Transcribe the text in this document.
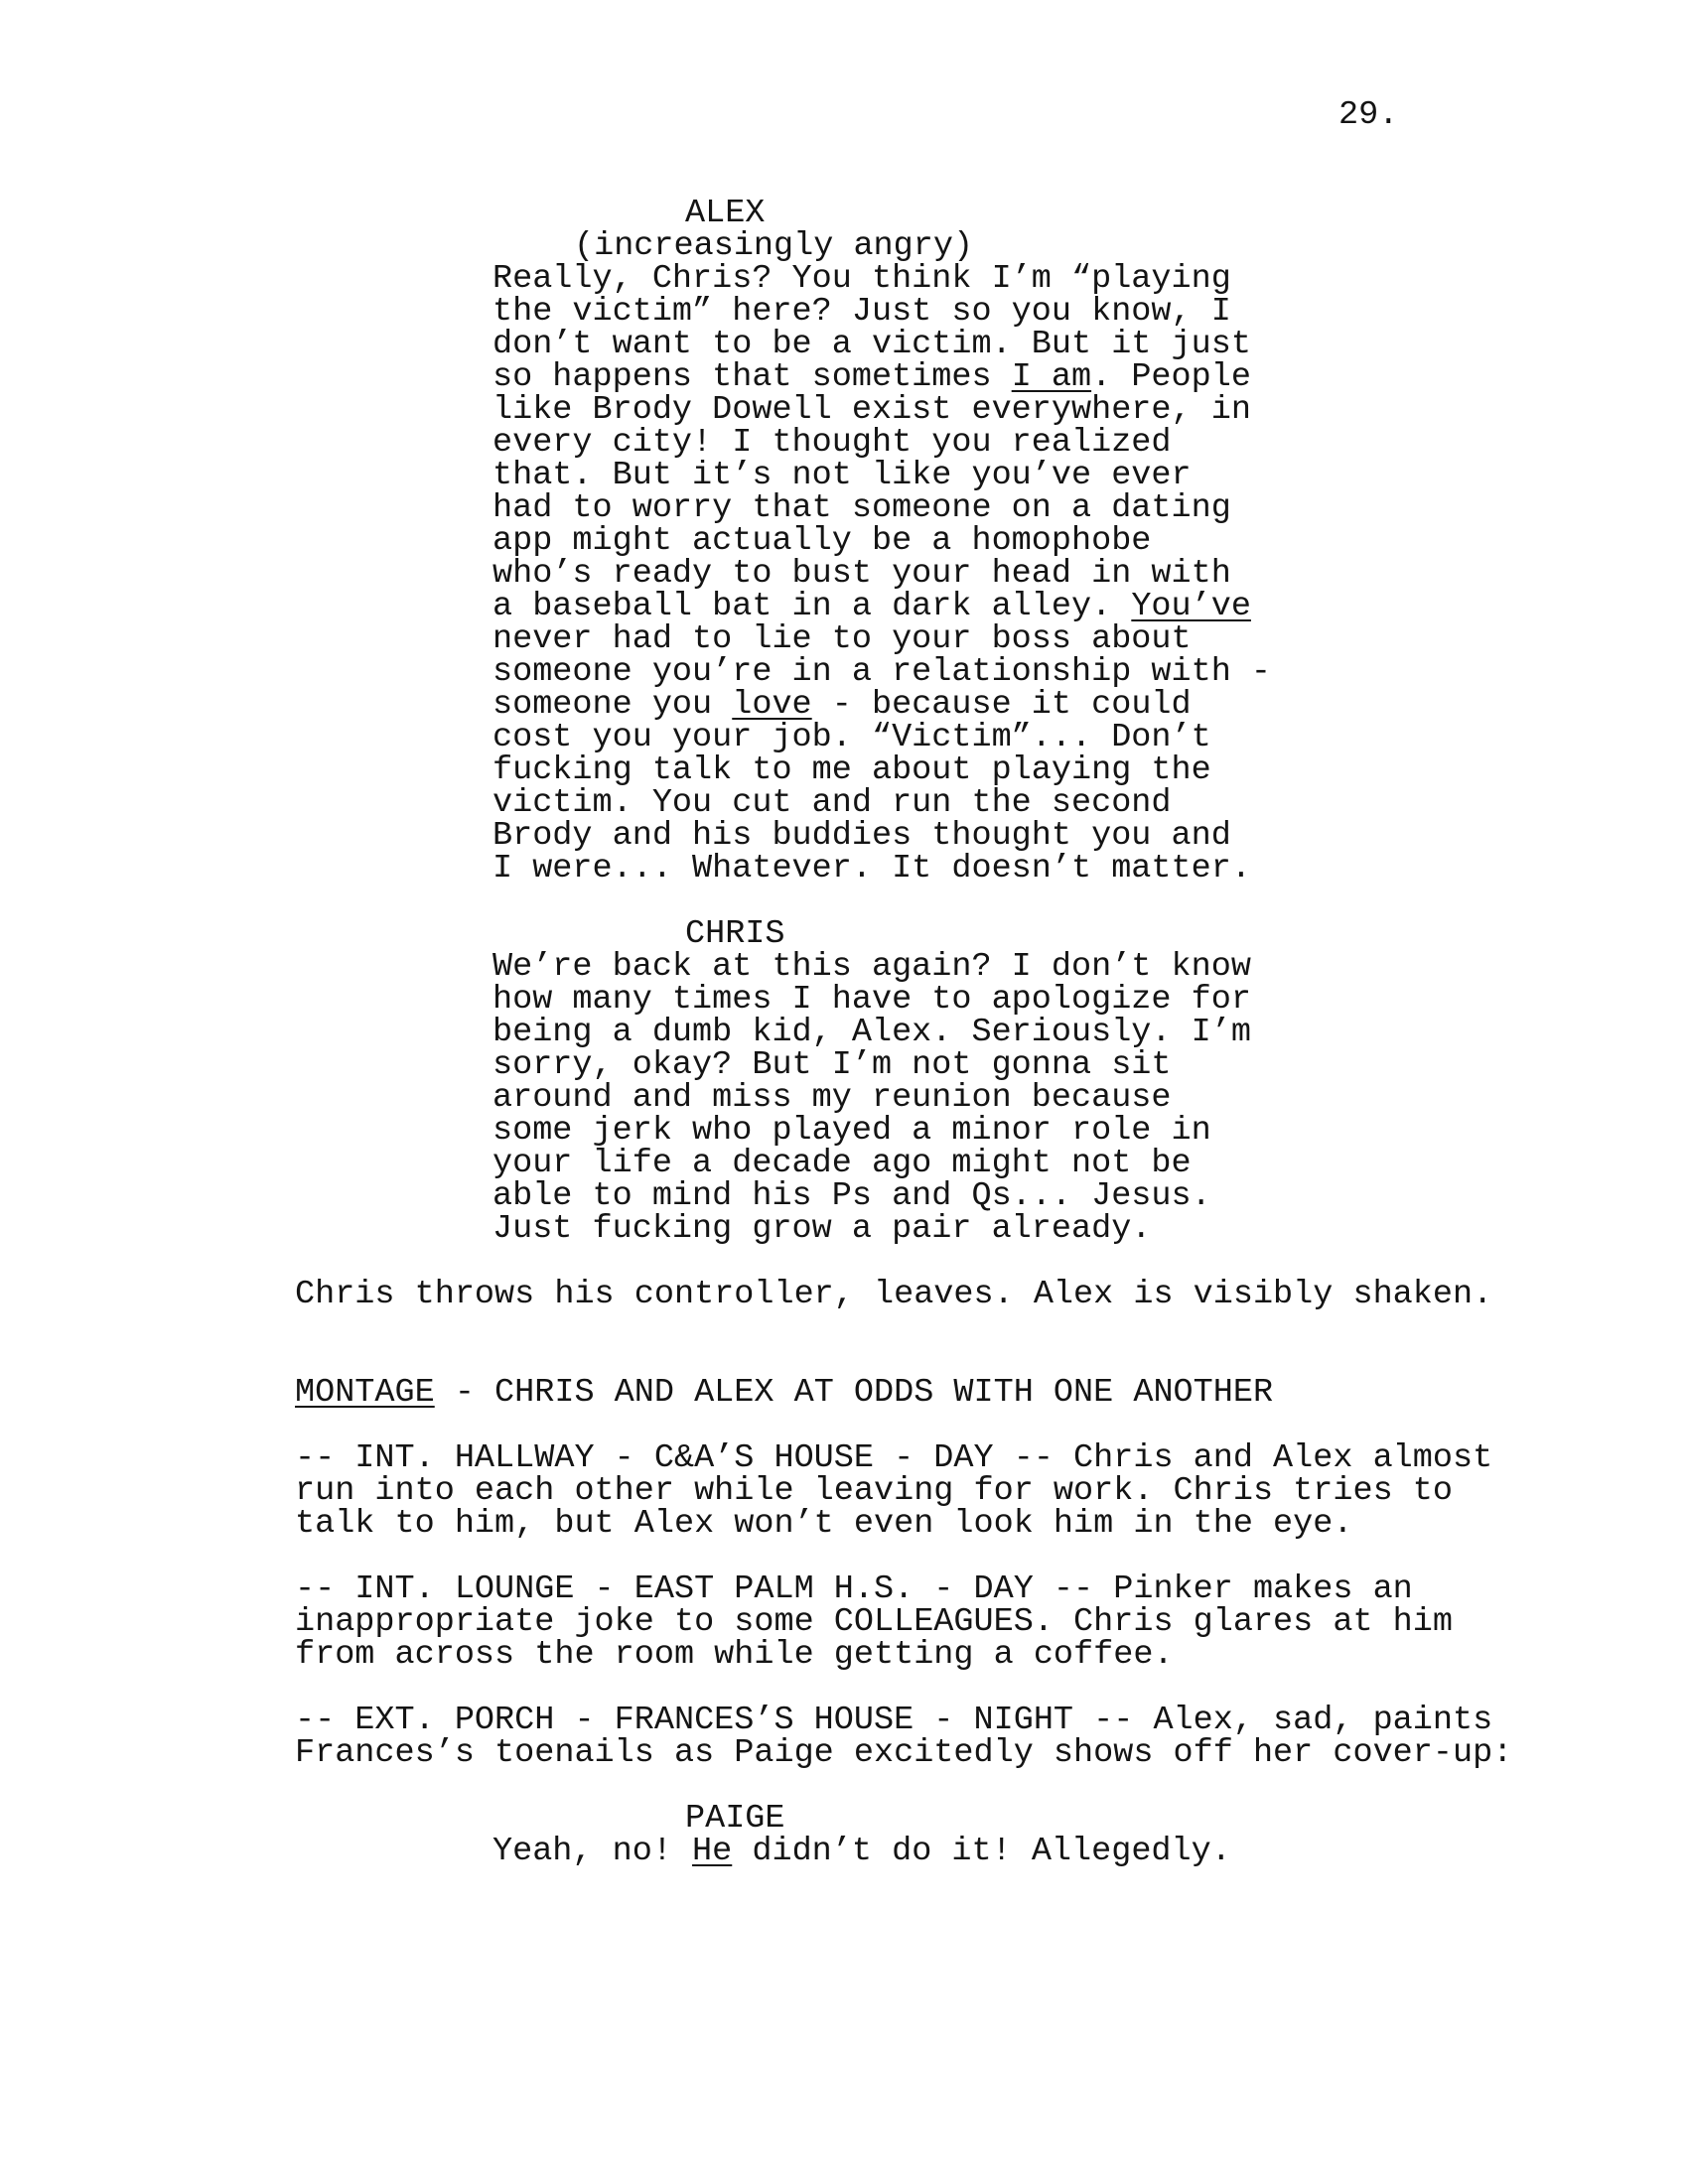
29.
ALEX
(increasingly angry)
Really, Chris? You think I’m “playing
the victim” here? Just so you know, I
don’t want to be a victim. But it just
so happens that sometimes I am. People
like Brody Dowell exist everywhere, in
every city! I thought you realized
that. But it’s not like you’ve ever
had to worry that someone on a dating
app might actually be a homophobe
who’s ready to bust your head in with
a baseball bat in a dark alley. You’ve
never had to lie to your boss about
someone you’re in a relationship with -
someone you love - because it could
cost you your job. “Victim”... Don’t
fucking talk to me about playing the
victim. You cut and run the second
Brody and his buddies thought you and
I were... Whatever. It doesn’t matter.
CHRIS
We’re back at this again? I don’t know
how many times I have to apologize for
being a dumb kid, Alex. Seriously. I’m
sorry, okay? But I’m not gonna sit
around and miss my reunion because
some jerk who played a minor role in
your life a decade ago might not be
able to mind his Ps and Qs... Jesus.
Just fucking grow a pair already.
Chris throws his controller, leaves. Alex is visibly shaken.
MONTAGE - CHRIS AND ALEX AT ODDS WITH ONE ANOTHER
-- INT. HALLWAY - C&A’S HOUSE - DAY -- Chris and Alex almost
run into each other while leaving for work. Chris tries to
talk to him, but Alex won’t even look him in the eye.
-- INT. LOUNGE - EAST PALM H.S. - DAY -- Pinker makes an
inappropriate joke to some COLLEAGUES. Chris glares at him
from across the room while getting a coffee.
-- EXT. PORCH - FRANCES’S HOUSE - NIGHT -- Alex, sad, paints
Frances’s toenails as Paige excitedly shows off her cover-up:
PAIGE
Yeah, no! He didn’t do it! Allegedly.
